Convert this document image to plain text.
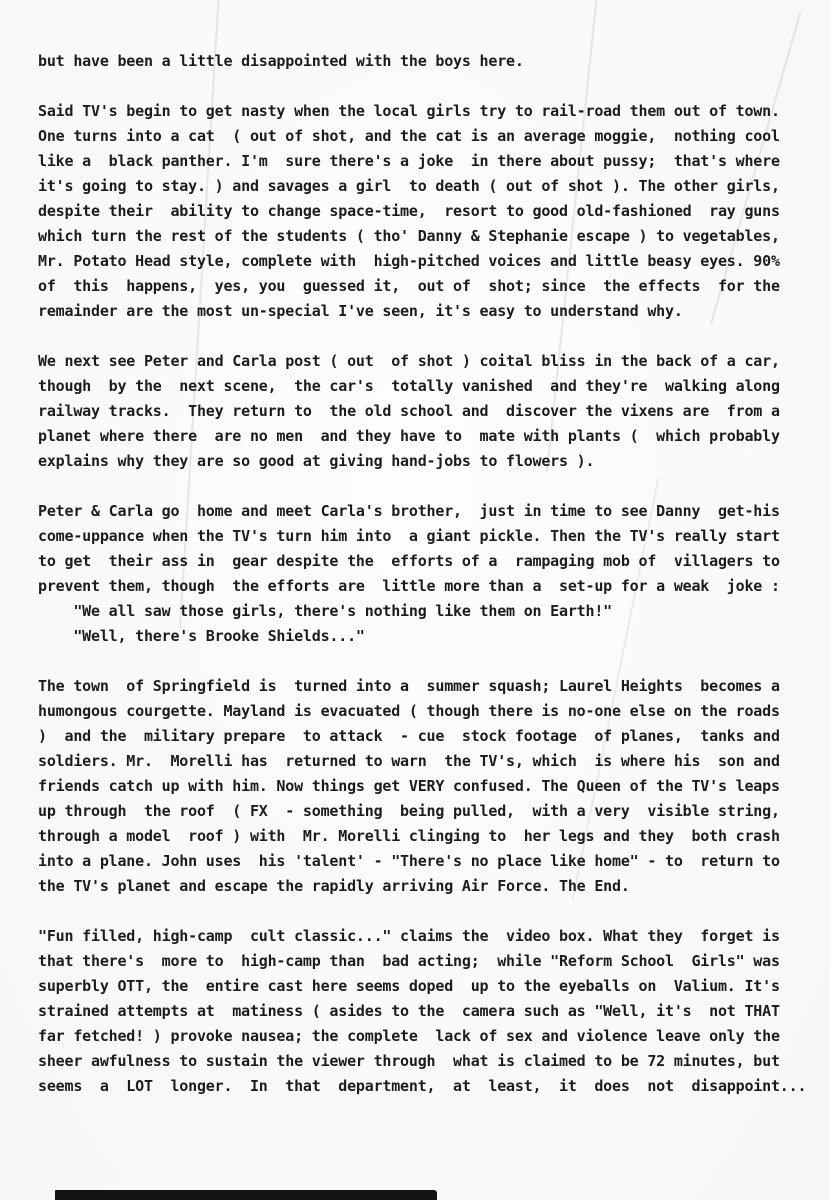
but have been a little disappointed with the boys here.

Said TV's begin to get nasty when the local girls try to rail-road them out of town.
One turns into a cat  ( out of shot, and the cat is an average moggie,  nothing cool
like a  black panther. I'm  sure there's a joke  in there about pussy;  that's where
it's going to stay. ) and savages a girl  to death ( out of shot ). The other girls,
despite their  ability to change space-time,  resort to good old-fashioned  ray guns
which turn the rest of the students ( tho' Danny & Stephanie escape ) to vegetables,
Mr. Potato Head style, complete with  high-pitched voices and little beasy eyes. 90%
of  this  happens,  yes, you  guessed it,  out of  shot; since  the effects  for the
remainder are the most un-special I've seen, it's easy to understand why.

We next see Peter and Carla post ( out  of shot ) coital bliss in the back of a car,
though  by the  next scene,  the car's  totally vanished  and they're  walking along
railway tracks.  They return to  the old school and  discover the vixens are  from a
planet where there  are no men  and they have to  mate with plants (  which probably
explains why they are so good at giving hand-jobs to flowers ).

Peter & Carla go  home and meet Carla's brother,  just in time to see Danny  get-his
come-uppance when the TV's turn him into  a giant pickle. Then the TV's really start
to get  their ass in  gear despite the  efforts of a  rampaging mob of  villagers to
prevent them, though  the efforts are  little more than a  set-up for a weak  joke :
"We all saw those girls, there's nothing like them on Earth!"
"Well, there's Brooke Shields..."

The town  of Springfield is  turned into a  summer squash; Laurel Heights  becomes a
humongous courgette. Mayland is evacuated ( though there is no-one else on the roads
)  and the  military prepare  to attack  - cue  stock footage  of planes,  tanks and
soldiers. Mr.  Morelli has  returned to warn  the TV's, which  is where his  son and
friends catch up with him. Now things get VERY confused. The Queen of the TV's leaps
up through  the roof  ( FX  - something  being pulled,  with a very  visible string,
through a model  roof ) with  Mr. Morelli clinging to  her legs and they  both crash
into a plane. John uses  his 'talent' - "There's no place like home" - to  return to
the TV's planet and escape the rapidly arriving Air Force. The End.

"Fun filled, high-camp  cult classic..." claims the  video box. What they  forget is
that there's  more to  high-camp than  bad acting;  while "Reform School  Girls" was
superbly OTT, the  entire cast here seems doped  up to the eyeballs on  Valium. It's
strained attempts at  matiness ( asides to the  camera such as "Well, it's  not THAT
far fetched! ) provoke nausea; the complete  lack of sex and violence leave only the
sheer awfulness to sustain the viewer through  what is claimed to be 72 minutes, but
seems  a  LOT  longer.  In  that  department,  at  least,  it  does  not  disappoint...
